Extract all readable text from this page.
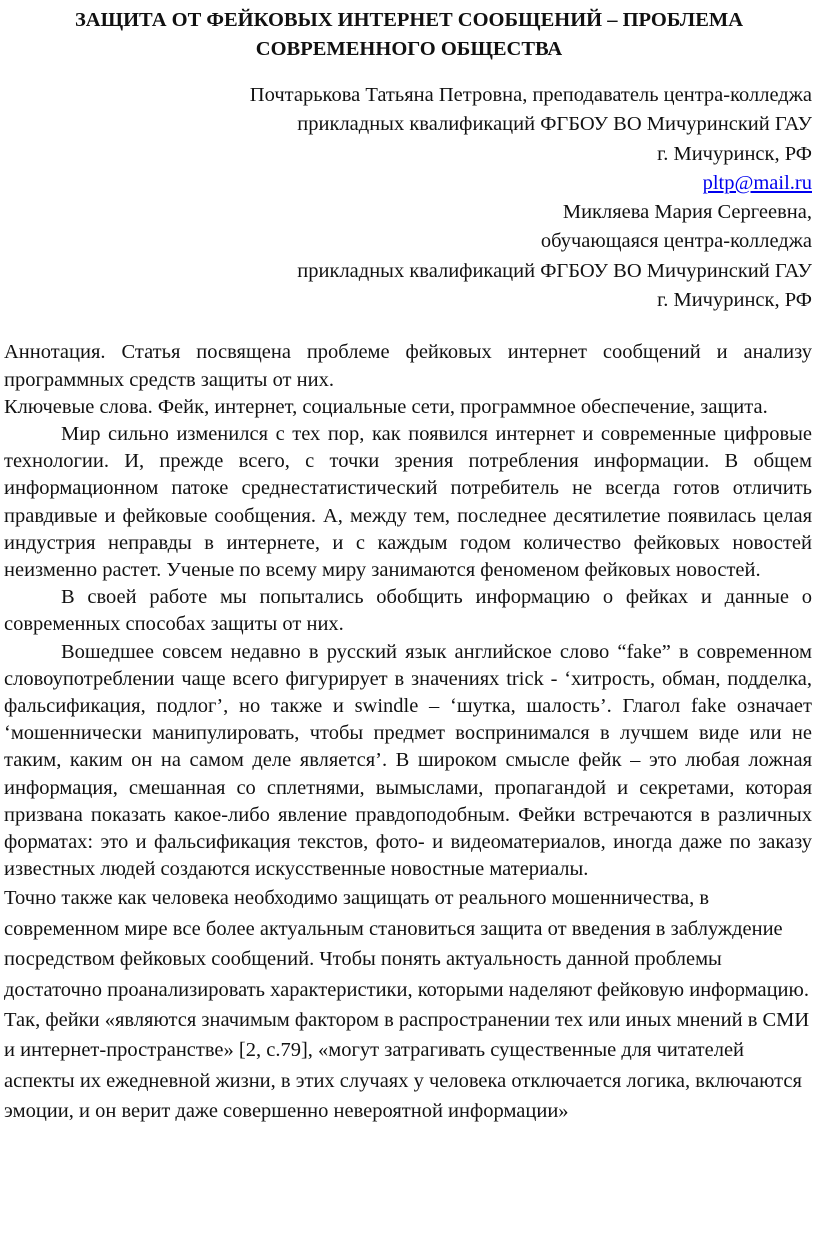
ЗАЩИТА ОТ ФЕЙКОВЫХ ИНТЕРНЕТ СООБЩЕНИЙ – ПРОБЛЕМА СОВРЕМЕННОГО ОБЩЕСТВА
Почтарькова Татьяна Петровна, преподаватель центра-колледжа
прикладных квалификаций ФГБОУ ВО Мичуринский ГАУ
г. Мичуринск, РФ
pltp@mail.ru
Микляева Мария Сергеевна,
обучающаяся центра-колледжа
прикладных квалификаций ФГБОУ ВО Мичуринский ГАУ
г. Мичуринск, РФ

Аннотация. Статья посвящена проблеме фейковых интернет сообщений и анализу программных средств защиты от них.

Ключевые слова. Фейк, интернет, социальные сети, программное обеспечение, защита.

Мир сильно изменился с тех пор, как появился интернет и современные цифровые технологии. И, прежде всего, с точки зрения потребления информации. В общем информационном патоке среднестатистический потребитель не всегда готов отличить правдивые и фейковые сообщения. А, между тем, последнее десятилетие появилась целая индустрия неправды в интернете, и с каждым годом количество фейковых новостей неизменно растет. Ученые по всему миру занимаются феноменом фейковых новостей.

В своей работе мы попытались обобщить информацию о фейках и данные о современных способах защиты от них.

Вошедшее совсем недавно в русский язык английское слово “fake” в современном словоупотреблении чаще всего фигурирует в значениях trick - ‘хитрость, обман, подделка, фальсификация, подлог’, но также и swindle – ‘шутка, шалость’. Глагол fake означает ‘мошеннически манипулировать, чтобы предмет воспринимался в лучшем виде или не таким, каким он на самом деле является’. В широком смысле фейк – это любая ложная информация, смешанная со сплетнями, вымыслами, пропагандой и секретами, которая призвана показать какое-либо явление правдоподобным. Фейки встречаются в различных форматах: это и фальсификация текстов, фото- и видеоматериалов, иногда даже по заказу известных людей создаются искусственные новостные материалы.

Точно также как человека необходимо защищать от реального мошенничества, в современном мире все более актуальным становиться защита от введения в заблуждение посредством фейковых сообщений. Чтобы понять актуальность данной проблемы достаточно проанализировать характеристики, которыми наделяют фейковую информацию. Так, фейки «являются значимым фактором в распространении тех или иных мнений в СМИ и интернет-пространстве» [2, с.79], «могут затрагивать существенные для читателей аспекты их ежедневной жизни, в этих случаях у человека отключается логика, включаются эмоции, и он верит даже совершенно невероятной информации»
